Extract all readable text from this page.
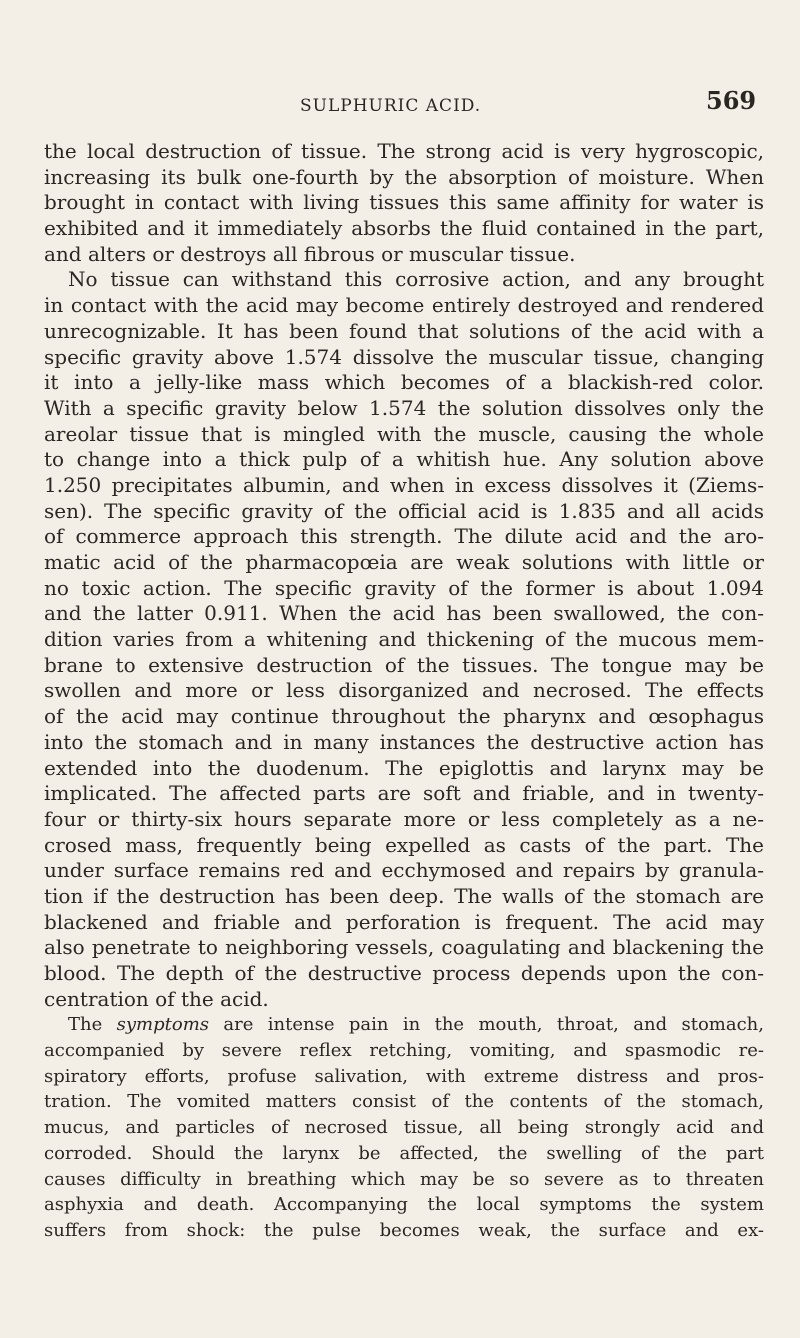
SULPHURIC ACID.	569
the local destruction of tissue. The strong acid is very hygroscopic,
increasing its bulk one-fourth by the absorption of moisture. When
brought in contact with living tissues this same affinity for water is
exhibited and it immediately absorbs the fluid contained in the part,
and alters or destroys all fibrous or muscular tissue.
No tissue can withstand this corrosive action, and any brought
in contact with the acid may become entirely destroyed and rendered
unrecognizable. It has been found that solutions of the acid with a
specific gravity above 1.574 dissolve the muscular tissue, changing
it into a jelly-like mass which becomes of a blackish-red color.
With a specific gravity below 1.574 the solution dissolves only the
areolar tissue that is mingled with the muscle, causing the whole
to change into a thick pulp of a whitish hue. Any solution above
1.250 precipitates albumin, and when in excess dissolves it (Ziems-
sen). The specific gravity of the official acid is 1.835 and all acids
of commerce approach this strength. The dilute acid and the aro-
matic acid of the pharmacopœia are weak solutions with little or
no toxic action. The specific gravity of the former is about 1.094
and the latter 0.911. When the acid has been swallowed, the con-
dition varies from a whitening and thickening of the mucous mem-
brane to extensive destruction of the tissues. The tongue may be
swollen and more or less disorganized and necrosed. The effects
of the acid may continue throughout the pharynx and œsophagus
into the stomach and in many instances the destructive action has
extended into the duodenum. The epiglottis and larynx may be
implicated. The affected parts are soft and friable, and in twenty-
four or thirty-six hours separate more or less completely as a ne-
crosed mass, frequently being expelled as casts of the part. The
under surface remains red and ecchymosed and repairs by granula-
tion if the destruction has been deep. The walls of the stomach are
blackened and friable and perforation is frequent. The acid may
also penetrate to neighboring vessels, coagulating and blackening the
blood. The depth of the destructive process depends upon the con-
centration of the acid.
The symptoms are intense pain in the mouth, throat, and stomach,
accompanied by severe reflex retching, vomiting, and spasmodic re-
spiratory efforts, profuse salivation, with extreme distress and pros-
tration. The vomited matters consist of the contents of the stomach,
mucus, and particles of necrosed tissue, all being strongly acid and
corroded. Should the larynx be affected, the swelling of the part
causes difficulty in breathing which may be so severe as to threaten
asphyxia and death. Accompanying the local symptoms the system
suffers from shock: the pulse becomes weak, the surface and ex-
